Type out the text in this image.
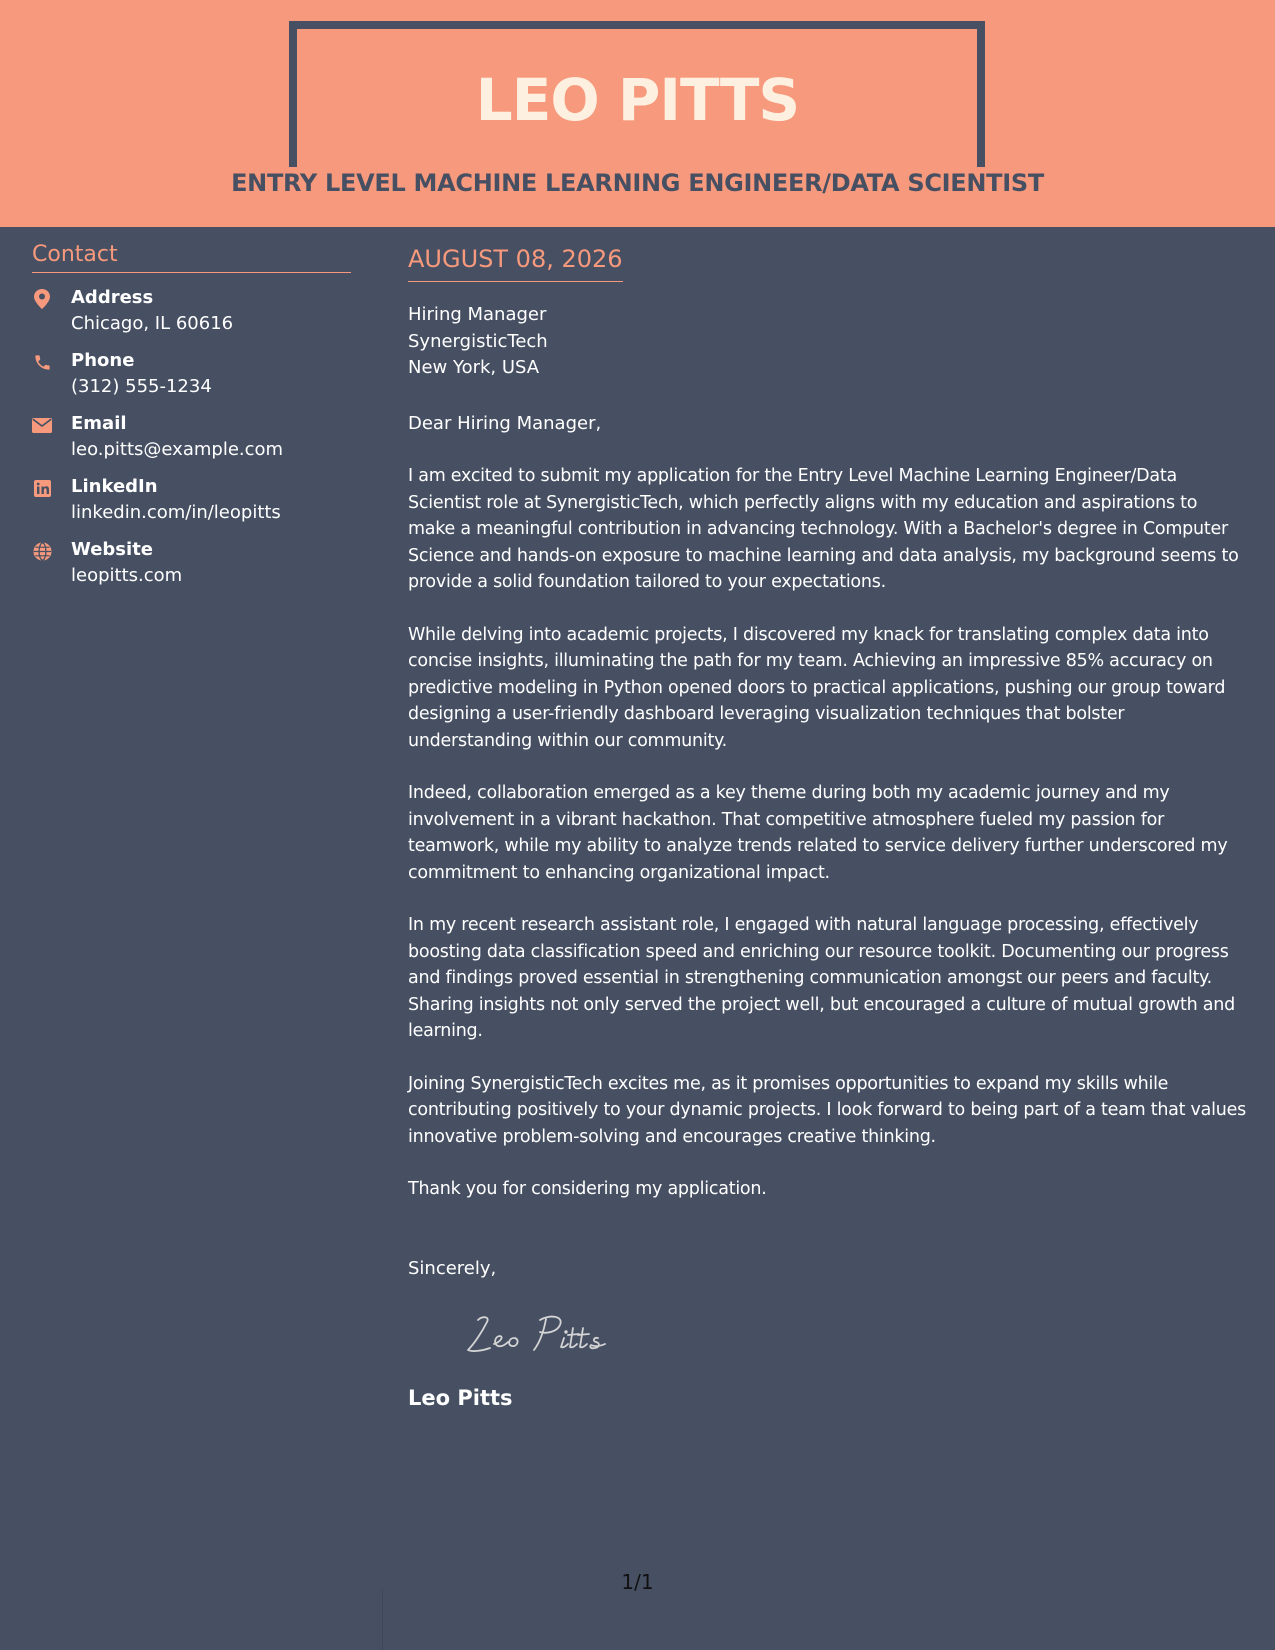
LEO PITTS
ENTRY LEVEL MACHINE LEARNING ENGINEER/DATA SCIENTIST
Contact
Address
Chicago, IL 60616
Phone
(312) 555-1234
Email
leo.pitts@example.com
LinkedIn
linkedin.com/in/leopitts
Website
leopitts.com
AUGUST 08, 2026
Hiring Manager
SynergisticTech
New York, USA
Dear Hiring Manager,
I am excited to submit my application for the Entry Level Machine Learning Engineer/Data Scientist role at SynergisticTech, which perfectly aligns with my education and aspirations to make a meaningful contribution in advancing technology. With a Bachelor's degree in Computer Science and hands-on exposure to machine learning and data analysis, my background seems to provide a solid foundation tailored to your expectations.
While delving into academic projects, I discovered my knack for translating complex data into concise insights, illuminating the path for my team. Achieving an impressive 85% accuracy on predictive modeling in Python opened doors to practical applications, pushing our group toward designing a user-friendly dashboard leveraging visualization techniques that bolster understanding within our community.
Indeed, collaboration emerged as a key theme during both my academic journey and my involvement in a vibrant hackathon. That competitive atmosphere fueled my passion for teamwork, while my ability to analyze trends related to service delivery further underscored my commitment to enhancing organizational impact.
In my recent research assistant role, I engaged with natural language processing, effectively boosting data classification speed and enriching our resource toolkit. Documenting our progress and findings proved essential in strengthening communication amongst our peers and faculty. Sharing insights not only served the project well, but encouraged a culture of mutual growth and learning.
Joining SynergisticTech excites me, as it promises opportunities to expand my skills while contributing positively to your dynamic projects. I look forward to being part of a team that values innovative problem-solving and encourages creative thinking.
Thank you for considering my application.
Sincerely,
Leo Pitts
1/1
